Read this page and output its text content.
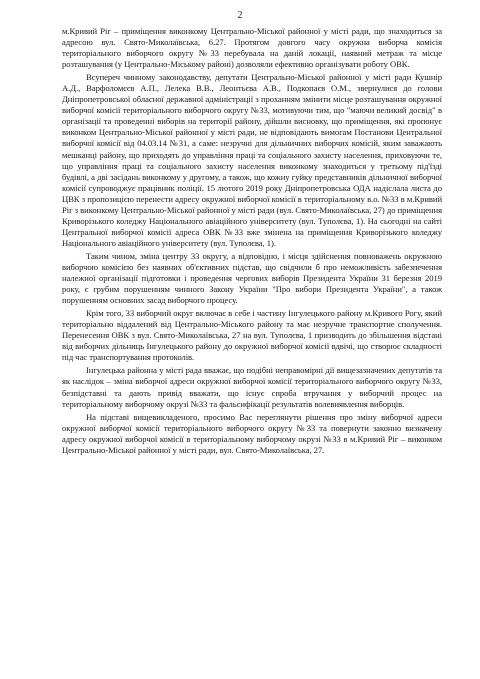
2

м.Кривий Ріг – приміщення виконкому Центрально-Міської районної у місті ради, що знаходиться за адресою вул. Свято-Миколаївська, 6.27. Протягом довгого часу окружна виборча комісія територіального виборчого округу №33 перебувала на даній локації, наявний метраж та місце розташування (у Центрально-Міському районі) дозволяли ефективно організувати роботу ОВК.

Всупереч чинному законодавству, депутати Центрально-Міської районної у місті ради Кушнір А.Д., Варфоломєєв А.П., Лелека В.В., Леонтьєва А.В., Подкопаєв О.М., звернулися до голови Дніпропетровської обласної державної адміністрації з проханням змінити місце розташування окружної виборчої комісії територіального виборчого округу №33, мотивуючи тим, що "маючи великий досвід" в організації та проведенні виборів на території району, дійшли висновку, що приміщення, які пропонує виконком Центрально-Міської районної у місті ради, не відповідають вимогам Постанови Центральної виборчої комісії від 04.03.14 №31, а саме: незручні для дільничних виборчих комісій, яким заважають мешканці району, що приходять до управління праці та соціального захисту населення, приховуючи те, що управління праці та соціального захисту населення виконкому знаходиться у третьому під'їзді будівлі, а дві засідань виконкому у другому, а також, що кожну гуйку представників дільничної виборчої комісії супроводжує працівник поліції. 15 лютого 2019 року Дніпропетровська ОДА надіслала листа до ЦВК з пропозицією перенести адресу окружної виборчої комісії в територіальному в.о. №33 в м.Кривий Ріг з виконкому Центрально-Міської районної у місті ради (вул. Свято-Миколаївська, 27) до приміщення Криворізького коледжу Національного авіаційного університету (вул. Туполєва, 1). На сьогодні на сайті Центральної виборчої комісії адреса ОВК №33 вже змінена на приміщення Криворізького коледжу Національного авіаційного університету (вул. Туполєва, 1).

Таким чином, зміна центру 33 округу, а відповідно, і місця здійснення повноважень окружною виборчою комісією без наявних об'єктивних підстав, що свідчили б про неможливість забезпечення належної організації підготовки і проведення чергових виборів Президента України 31 березня 2019 року, є грубим порушенням чинного Закону України "Про вибори Президента України", а також порушенням основних засад виборчого процесу.

Крім того, 33 виборчий округ включає в себе і частину Інгулецького району м.Кривого Рогу, який територіально віддалений від Центрально-Міського району та має незручне транспортне сполучення. Перенесення ОВК з вул. Свято-Миколаївська, 27 на вул. Туполєва, 1 призводить до збільшення відстані від виборчих дільниць Інгулецького району до окружної виборчої комісії вдвічі, що створює складності під час транспортування протоколів.

Інгулецька районна у місті рада вважає, що подібні неправомірні дії вищезазначених депутатів та як наслідок – зміна виборчої адреси окружної виборчої комісії територіального виборчого округу №33, безпідставні та дають привід вважати, що існує спроба втручання у виборчий процес на територіальному виборчому окрузі №33 та фальсифікації результатів волевиявлення виборців.

На підставі вищевикладеного, просимо Вас переглянути рішення про зміну виборчої адреси окружної виборчої комісії територіального виборчого округу №33 та повернути законно визначену адресу окружної виборчої комісії в територіальному виборчому окрузі №33 в м.Кривий Ріг – виконком Центрально-Міської районної у місті ради, вул. Свято-Миколаївська, 27.
